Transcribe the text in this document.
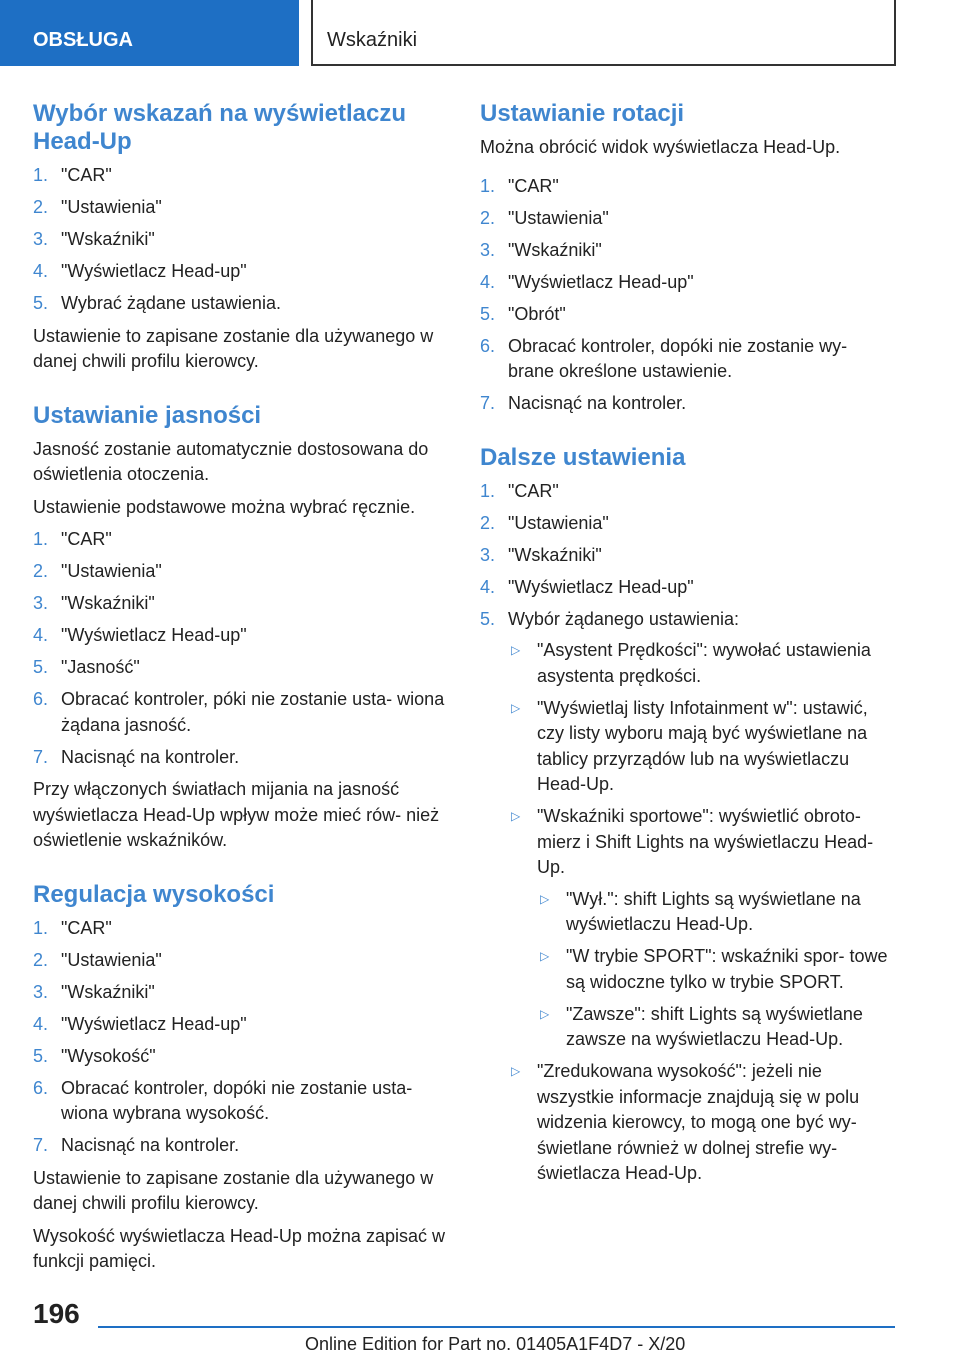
OBSŁUGA	Wskaźniki
Wybór wskazań na wyświetlaczu Head-Up
1. "CAR"
2. "Ustawienia"
3. "Wskaźniki"
4. "Wyświetlacz Head-up"
5. Wybrać żądane ustawienia.

Ustawienie to zapisane zostanie dla używanego w danej chwili profilu kierowcy.

Ustawianie jasności

Jasność zostanie automatycznie dostosowana do oświetlenia otoczenia.

Ustawienie podstawowe można wybrać ręcznie.

1. "CAR"
2. "Ustawienia"
3. "Wskaźniki"
4. "Wyświetlacz Head-up"
5. "Jasność"
6. Obracać kontroler, póki nie zostanie usta- wiona żądana jasność.
7. Nacisnąć na kontroler.

Przy włączonych światłach mijania na jasność wyświetlacza Head-Up wpływ może mieć rów- nież oświetlenie wskaźników.

Regulacja wysokości
1. "CAR"
2. "Ustawienia"
3. "Wskaźniki"
4. "Wyświetlacz Head-up"
5. "Wysokość"
6. Obracać kontroler, dopóki nie zostanie usta- wiona wybrana wysokość.
7. Nacisnąć na kontroler.

Ustawienie to zapisane zostanie dla używanego w danej chwili profilu kierowcy.

Wysokość wyświetlacza Head-Up można zapisać w funkcji pamięci.

Ustawianie rotacji

Można obrócić widok wyświetlacza Head-Up.

1. "CAR"
2. "Ustawienia"
3. "Wskaźniki"
4. "Wyświetlacz Head-up"
5. "Obrót"
6. Obracać kontroler, dopóki nie zostanie wy- brane określone ustawienie.
7. Nacisnąć na kontroler.
Dalsze ustawienia
1. "CAR"
2. "Ustawienia"
3. "Wskaźniki"
4. "Wyświetlacz Head-up"
5. Wybór żądanego ustawienia:
▷ "Asystent Prędkości": wywołać ustawienia asystenta prędkości.
▷ "Wyświetlaj listy Infotainment w": ustawić, czy listy wyboru mają być wyświetlane na tablicy przyrządów lub na wyświetlaczu Head-Up.
▷ "Wskaźniki sportowe": wyświetlić obroto- mierz i Shift Lights na wyświetlaczu Head- Up.
▷ "Wył.": shift Lights są wyświetlane na wyświetlaczu Head-Up.
▷ "W trybie SPORT": wskaźniki spor- towe są widoczne tylko w trybie SPORT.
▷ "Zawsze": shift Lights są wyświetlane zawsze na wyświetlaczu Head-Up.
▷ "Zredukowana wysokość": jeżeli nie wszystkie informacje znajdują się w polu widzenia kierowcy, to mogą one być wy- świetlane również w dolnej strefie wy- świetlacza Head-Up.
196
Online Edition for Part no. 01405A1F4D7 - X/20
